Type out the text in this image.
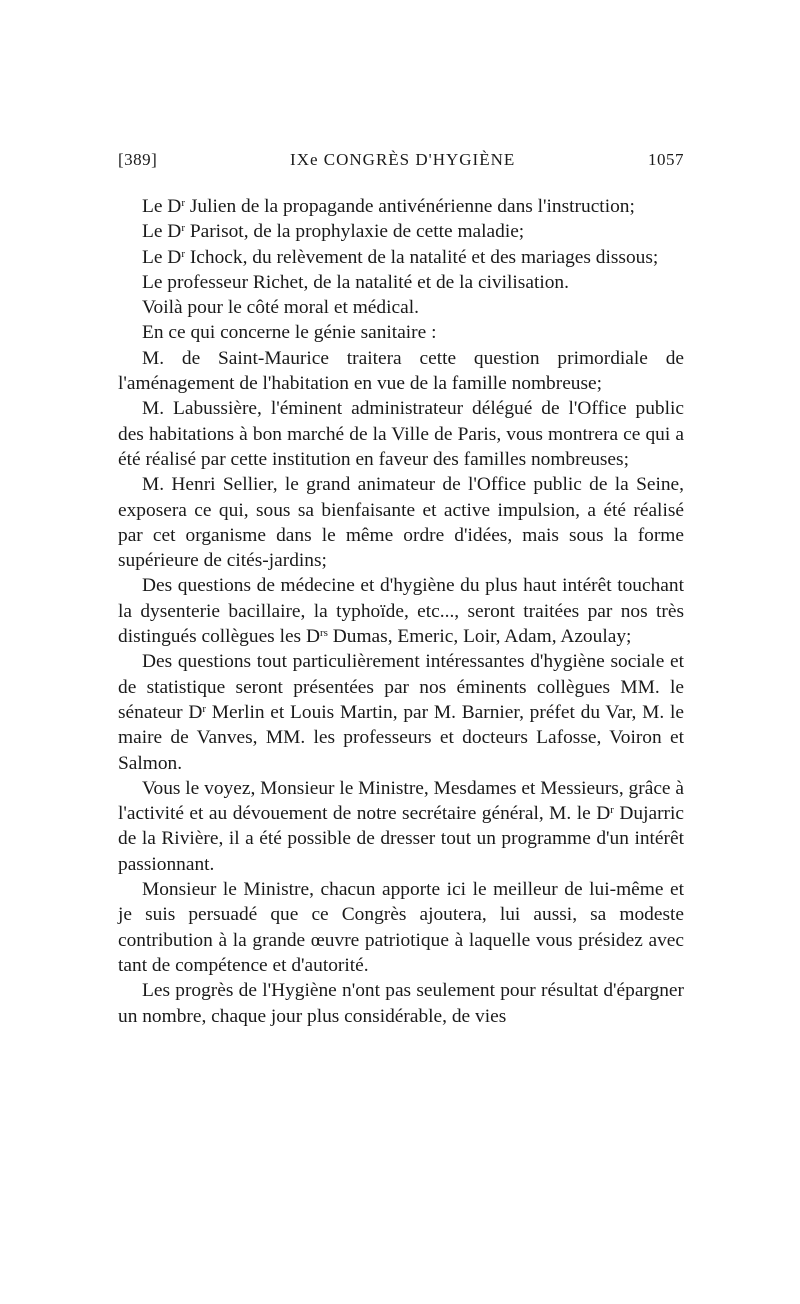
[389]	IXe CONGRÈS D'HYGIÈNE	1057

Le $D^r$ Julien de la propagande antivénérienne dans l'instruction;

Le $D^r$ Parisot, de la prophylaxie de cette maladie;

Le $D^r$ Ichock, du relèvement de la natalité et des mariages dissous;

Le professeur Richet, de la natalité et de la civilisation.

Voilà pour le côté moral et médical.

En ce qui concerne le génie sanitaire :

M. de Saint-Maurice traitera cette question primordiale de l'aménagement de l'habitation en vue de la famille nombreuse;

M. Labussière, l'éminent administrateur délégué de l'Office public des habitations à bon marché de la Ville de Paris, vous montrera ce qui a été réalisé par cette institution en faveur des familles nombreuses;

M. Henri Sellier, le grand animateur de l'Office public de la Seine, exposera ce qui, sous sa bienfaisante et active impulsion, a été réalisé par cet organisme dans le même ordre d'idées, mais sous la forme supérieure de cités-jardins;

Des questions de médecine et d'hygiène du plus haut intérêt touchant la dysenterie bacillaire, la typhoïde, etc..., seront traitées par nos très distingués collègues les $D^{rs}$ Dumas, Emeric, Loir, Adam, Azoulay;

Des questions tout particulièrement intéressantes d'hygiène sociale et de statistique seront présentées par nos éminents collègues MM. le sénateur $D^r$ Merlin et Louis Martin, par M. Barnier, préfet du Var, M. le maire de Vanves, MM. les professeurs et docteurs Lafosse, Voiron et Salmon.

Vous le voyez, Monsieur le Ministre, Mesdames et Messieurs, grâce à l'activité et au dévouement de notre secrétaire général, M. le $D^r$ Dujarric de la Rivière, il a été possible de dresser tout un programme d'un intérêt passionnant.

Monsieur le Ministre, chacun apporte ici le meilleur de lui-même et je suis persuadé que ce Congrès ajoutera, lui aussi, sa modeste contribution à la grande œuvre patriotique à laquelle vous présidez avec tant de compétence et d'autorité.

Les progrès de l'Hygiène n'ont pas seulement pour résultat d'épargner un nombre, chaque jour plus considérable, de vies
